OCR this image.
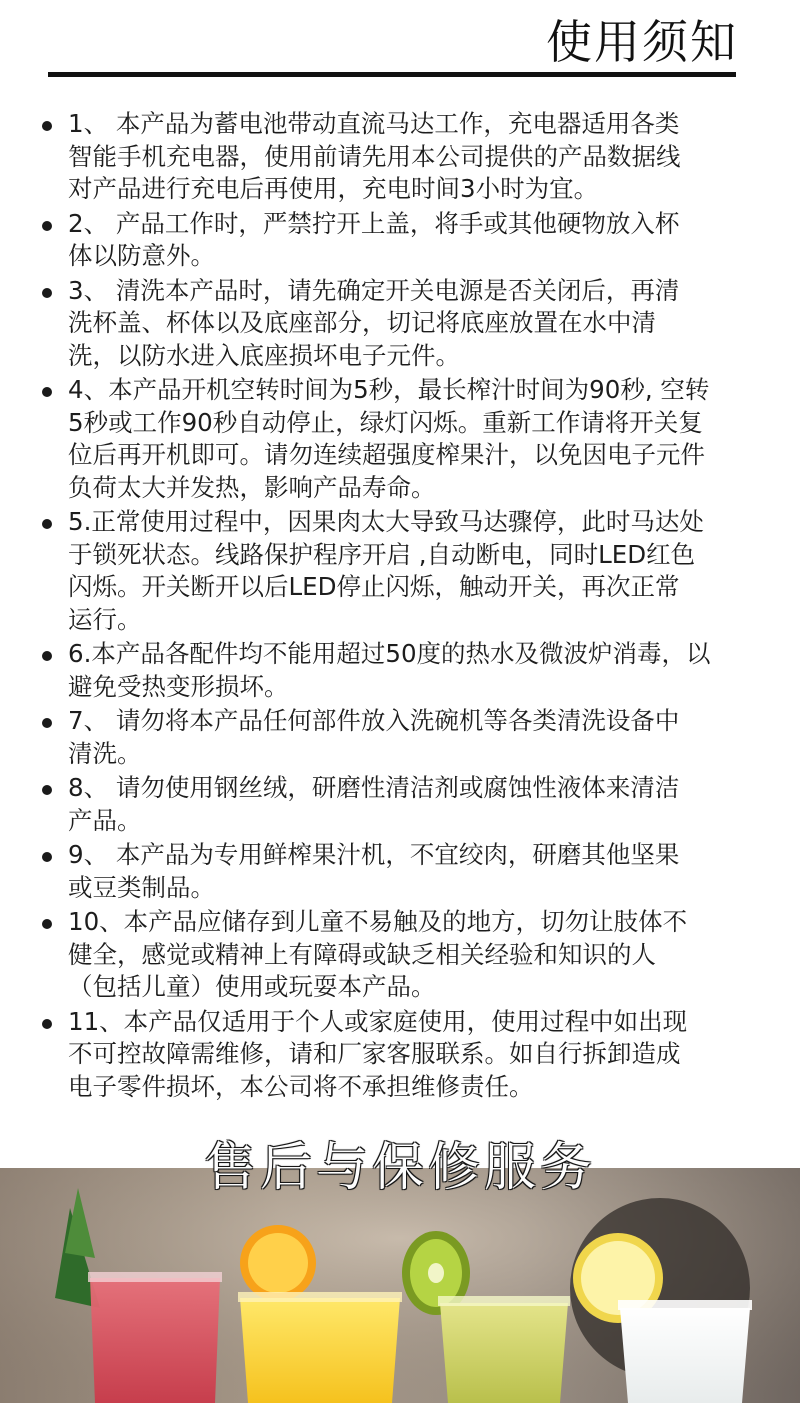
使用须知
1、 本产品为蓄电池带动直流马达工作，充电器适用各类
智能手机充电器，使用前请先用本公司提供的产品数据线
对产品进行充电后再使用，充电时间3小时为宜。
2、 产品工作时，严禁拧开上盖，将手或其他硬物放入杯
体以防意外。
3、 清洗本产品时，请先确定开关电源是否关闭后，再清
洗杯盖、杯体以及底座部分，切记将底座放置在水中清
洗，以防水进入底座损坏电子元件。
4、本产品开机空转时间为5秒，最长榨汁时间为90秒, 空转
5秒或工作90秒自动停止，绿灯闪烁。重新工作请将开关复
位后再开机即可。请勿连续超强度榨果汁，以免因电子元件
负荷太大并发热，影响产品寿命。
5.正常使用过程中，因果肉太大导致马达骤停，此时马达处
于锁死状态。线路保护程序开启 ,自动断电，同时LED红色
闪烁。开关断开以后LED停止闪烁，触动开关，再次正常
运行。
6.本产品各配件均不能用超过50度的热水及微波炉消毒，以
避免受热变形损坏。
7、 请勿将本产品任何部件放入洗碗机等各类清洗设备中
清洗。
8、 请勿使用钢丝绒，研磨性清洁剂或腐蚀性液体来清洁
产品。
9、 本产品为专用鲜榨果汁机，不宜绞肉，研磨其他坚果
或豆类制品。
10、本产品应储存到儿童不易触及的地方，切勿让肢体不
健全，感觉或精神上有障碍或缺乏相关经验和知识的人
（包括儿童）使用或玩耍本产品。
11、本产品仅适用于个人或家庭使用，使用过程中如出现
不可控故障需维修，请和厂家客服联系。如自行拆卸造成
电子零件损坏，本公司将不承担维修责任。
售后与保修服务
